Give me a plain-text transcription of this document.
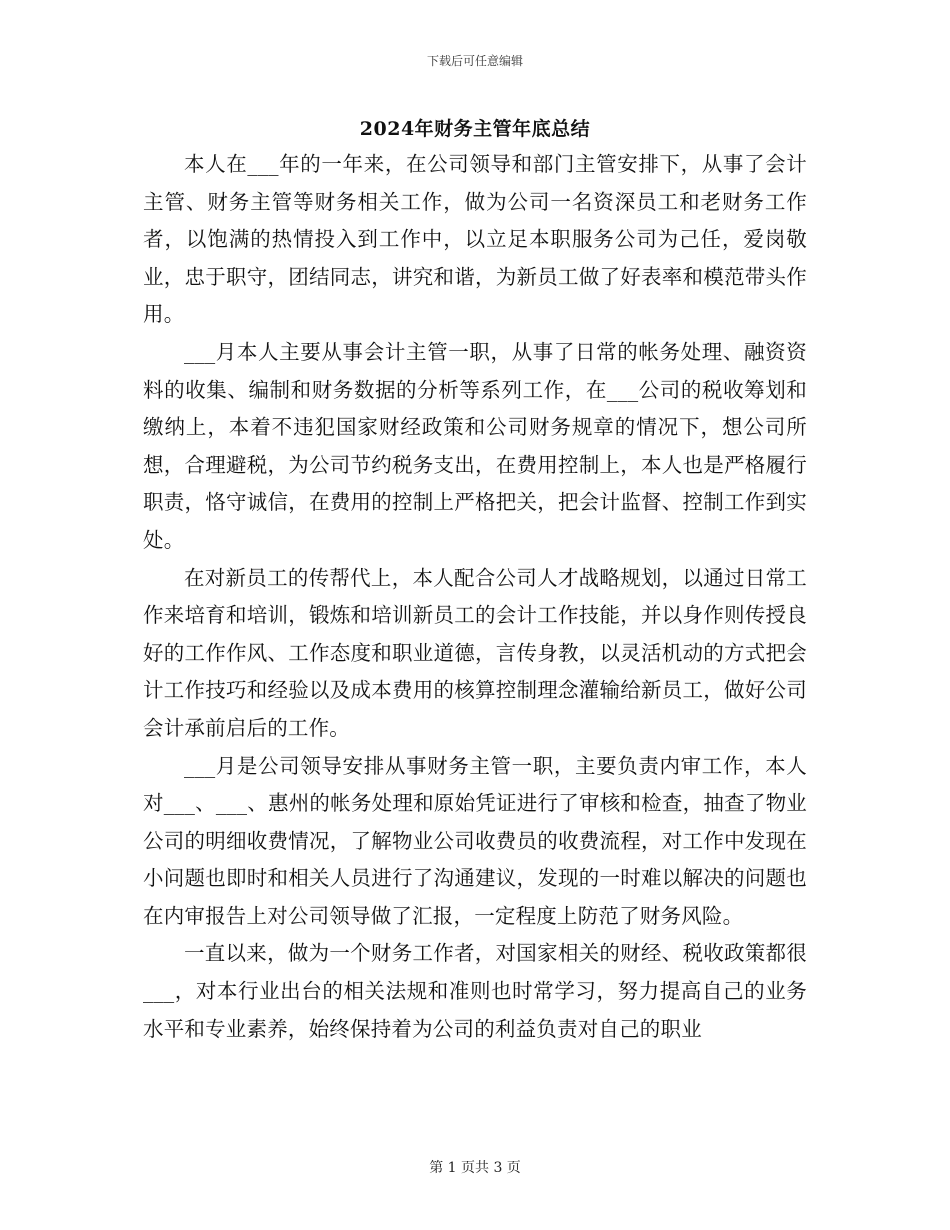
下载后可任意编辑
2024年财务主管年底总结

本人在___年的一年来，在公司领导和部门主管安排下，从事了会计主管、财务主管等财务相关工作，做为公司一名资深员工和老财务工作者，以饱满的热情投入到工作中，以立足本职服务公司为己任，爱岗敬业，忠于职守，团结同志，讲究和谐，为新员工做了好表率和模范带头作用。

___月本人主要从事会计主管一职，从事了日常的帐务处理、融资资料的收集、编制和财务数据的分析等系列工作，在___公司的税收筹划和缴纳上，本着不违犯国家财经政策和公司财务规章的情况下，想公司所想，合理避税，为公司节约税务支出，在费用控制上，本人也是严格履行职责，恪守诚信，在费用的控制上严格把关，把会计监督、控制工作到实处。

在对新员工的传帮代上，本人配合公司人才战略规划，以通过日常工作来培育和培训，锻炼和培训新员工的会计工作技能，并以身作则传授良好的工作作风、工作态度和职业道德，言传身教，以灵活机动的方式把会计工作技巧和经验以及成本费用的核算控制理念灌输给新员工，做好公司会计承前启后的工作。

___月是公司领导安排从事财务主管一职，主要负责内审工作，本人对___、___、惠州的帐务处理和原始凭证进行了审核和检查，抽查了物业公司的明细收费情况，了解物业公司收费员的收费流程，对工作中发现在小问题也即时和相关人员进行了沟通建议，发现的一时难以解决的问题也在内审报告上对公司领导做了汇报，一定程度上防范了财务风险。

一直以来，做为一个财务工作者，对国家相关的财经、税收政策都很___，对本行业出台的相关法规和准则也时常学习，努力提高自己的业务水平和专业素养，始终保持着为公司的利益负责对自己的职业

第 1 页共 3 页
